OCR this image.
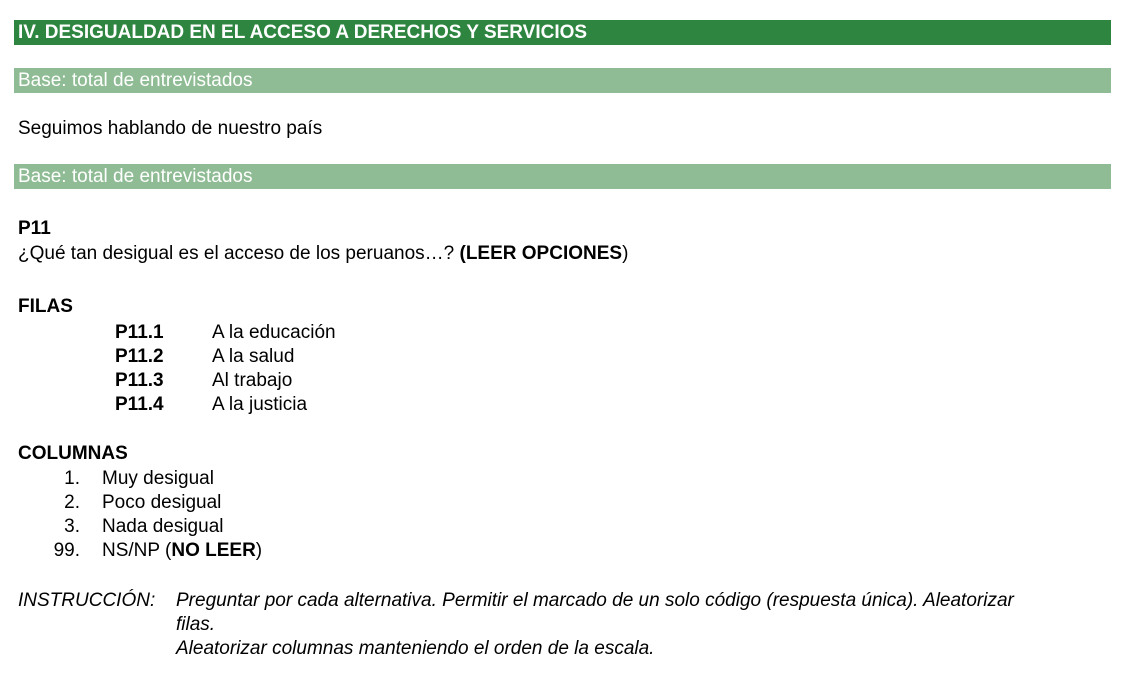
IV. DESIGUALDAD EN EL ACCESO A DERECHOS Y SERVICIOS
Base: total de entrevistados
Seguimos hablando de nuestro país
Base: total de entrevistados
P11
¿Qué tan desigual es el acceso de los peruanos…? (LEER OPCIONES)
FILAS
P11.1	A la educación
P11.2	A la salud
P11.3	Al trabajo
P11.4	A la justicia
COLUMNAS
1. Muy desigual
2. Poco desigual
3. Nada desigual
99. NS/NP (NO LEER)
INSTRUCCIÓN: Preguntar por cada alternativa. Permitir el marcado de un solo código (respuesta única). Aleatorizar
filas.
Aleatorizar columnas manteniendo el orden de la escala.
